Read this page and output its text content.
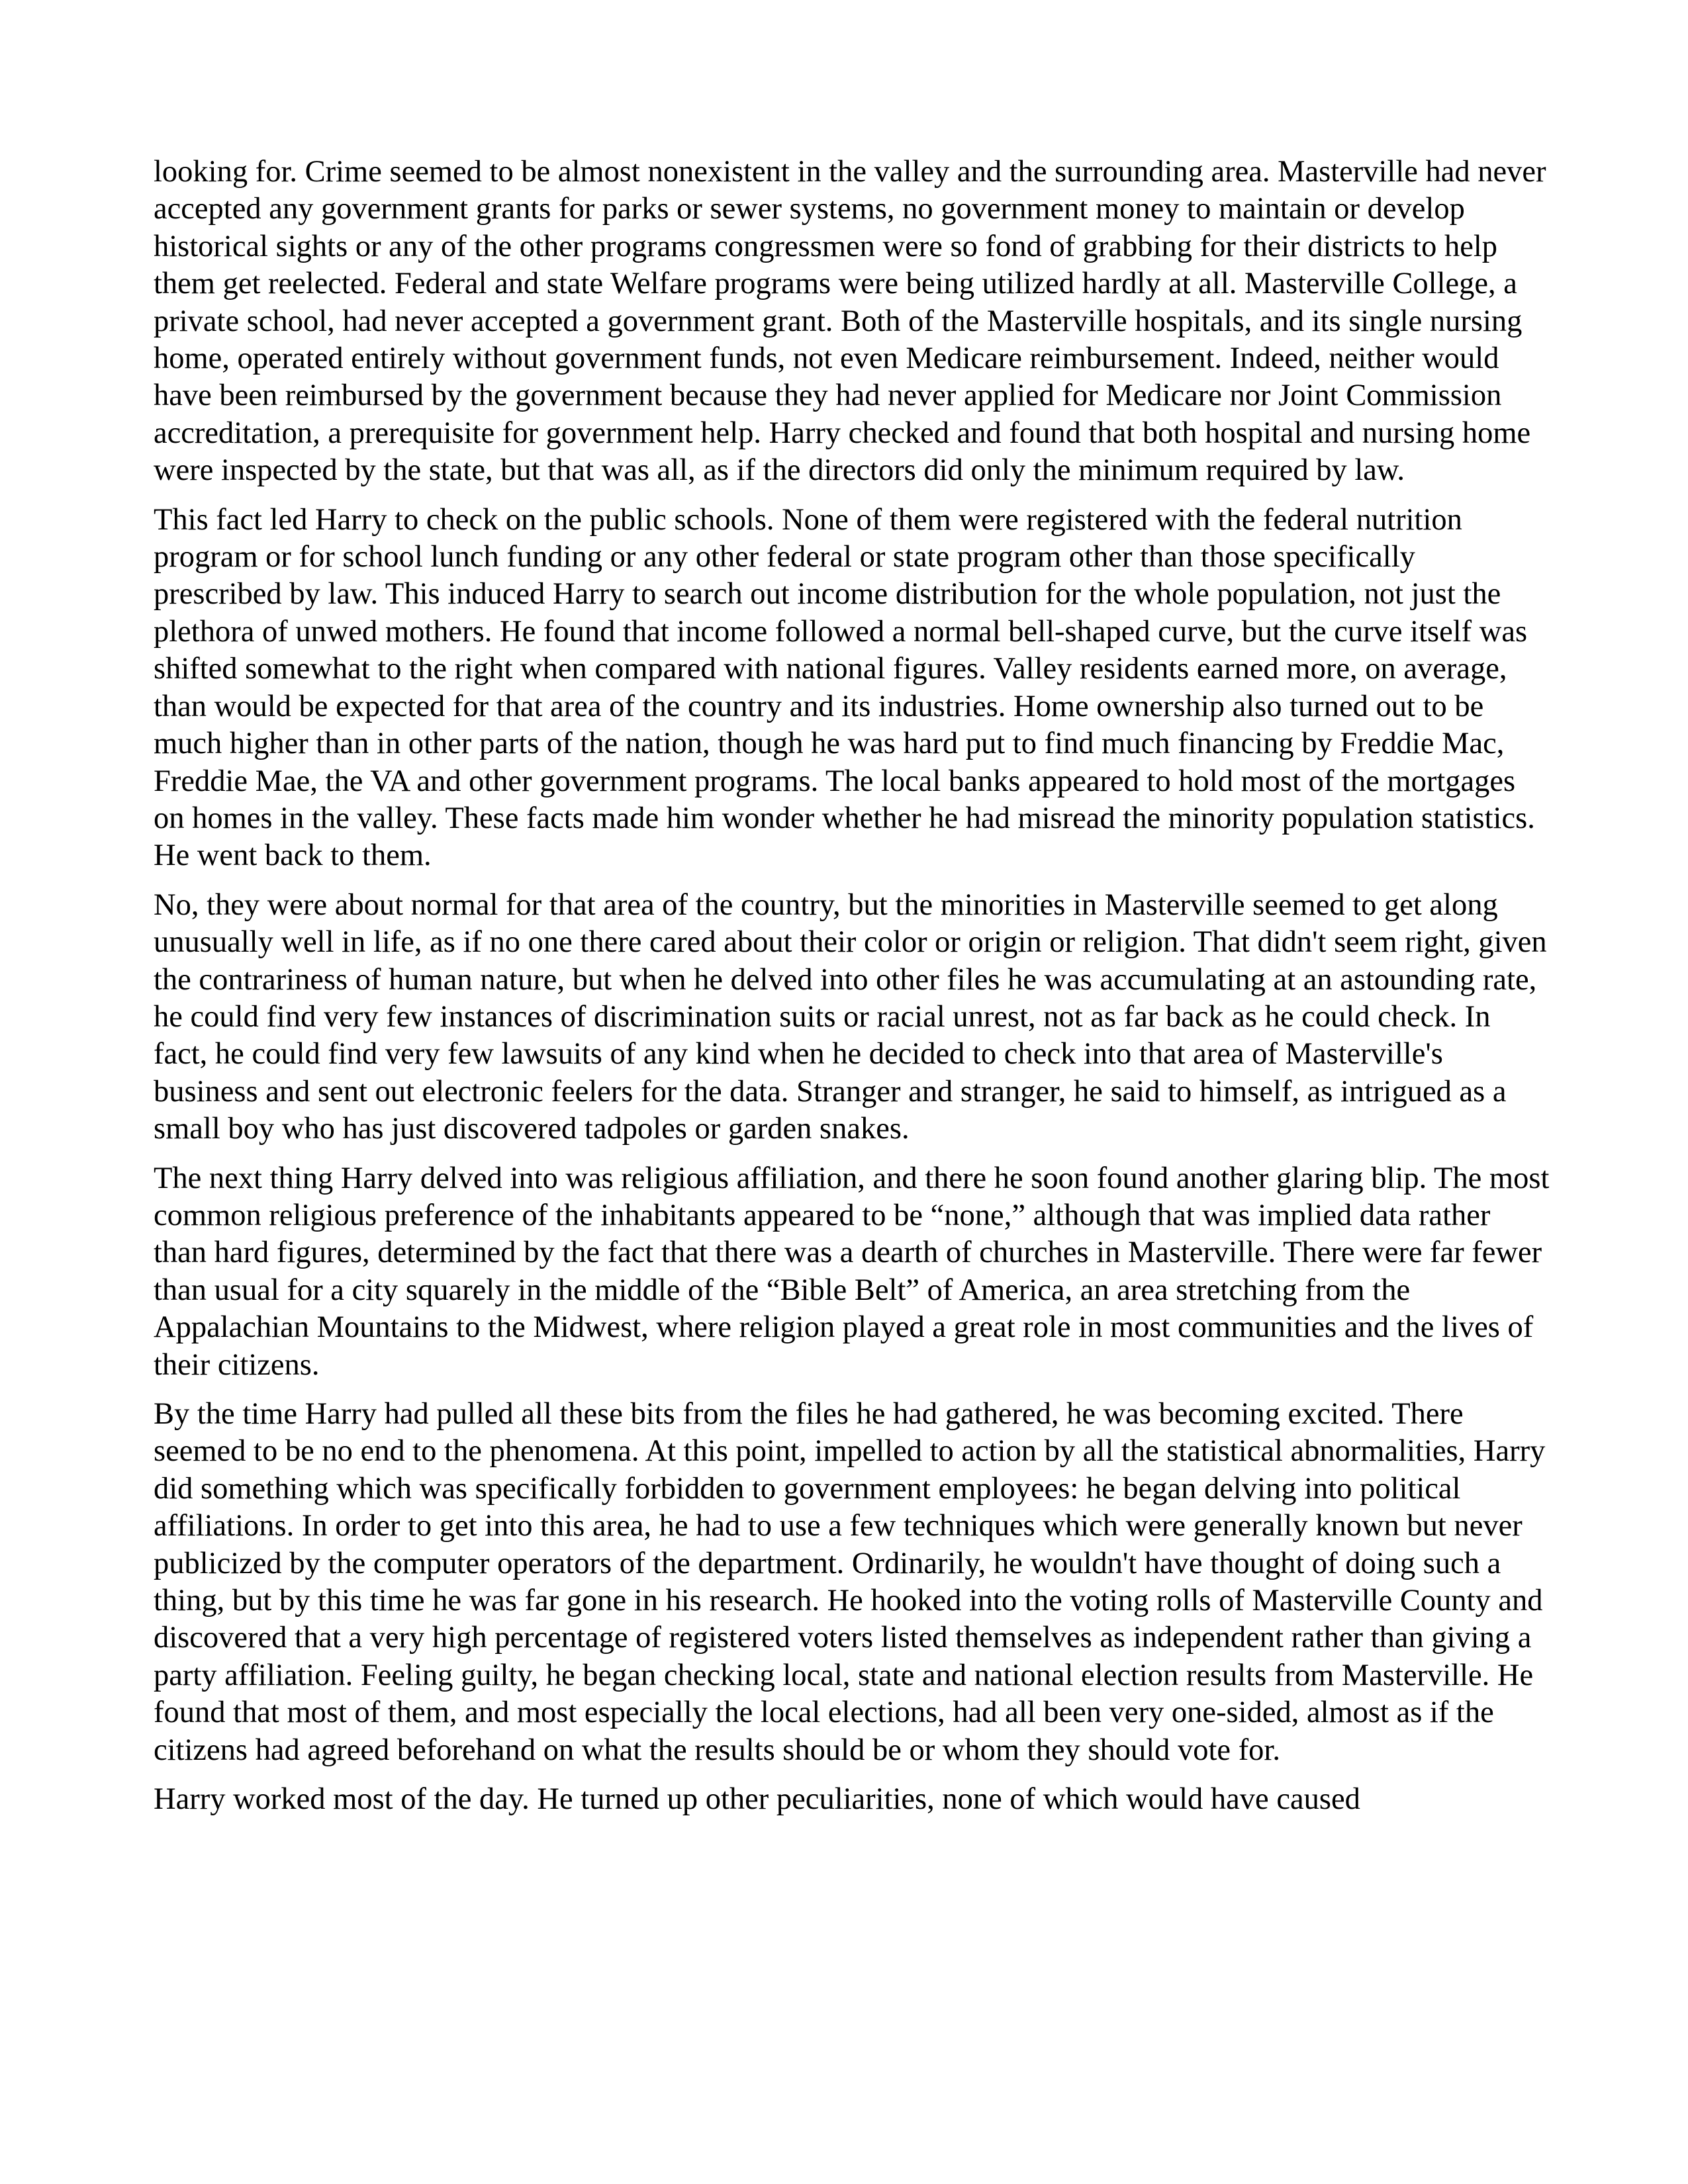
looking for. Crime seemed to be almost nonexistent in the valley and the surrounding area. Masterville had never accepted any government grants for parks or sewer systems, no government money to maintain or develop historical sights or any of the other programs congressmen were so fond of grabbing for their districts to help them get reelected. Federal and state Welfare programs were being utilized hardly at all. Masterville College, a private school, had never accepted a government grant. Both of the Masterville hospitals, and its single nursing home, operated entirely without government funds, not even Medicare reimbursement. Indeed, neither would have been reimbursed by the government because they had never applied for Medicare nor Joint Commission accreditation, a prerequisite for government help. Harry checked and found that both hospital and nursing home were inspected by the state, but that was all, as if the directors did only the minimum required by law.

This fact led Harry to check on the public schools. None of them were registered with the federal nutrition program or for school lunch funding or any other federal or state program other than those specifically prescribed by law. This induced Harry to search out income distribution for the whole population, not just the plethora of unwed mothers. He found that income followed a normal bell-shaped curve, but the curve itself was shifted somewhat to the right when compared with national figures. Valley residents earned more, on average, than would be expected for that area of the country and its industries. Home ownership also turned out to be much higher than in other parts of the nation, though he was hard put to find much financing by Freddie Mac, Freddie Mae, the VA and other government programs. The local banks appeared to hold most of the mortgages on homes in the valley. These facts made him wonder whether he had misread the minority population statistics. He went back to them.

No, they were about normal for that area of the country, but the minorities in Masterville seemed to get along unusually well in life, as if no one there cared about their color or origin or religion. That didn't seem right, given the contrariness of human nature, but when he delved into other files he was accumulating at an astounding rate, he could find very few instances of discrimination suits or racial unrest, not as far back as he could check. In fact, he could find very few lawsuits of any kind when he decided to check into that area of Masterville's business and sent out electronic feelers for the data. Stranger and stranger, he said to himself, as intrigued as a small boy who has just discovered tadpoles or garden snakes.

The next thing Harry delved into was religious affiliation, and there he soon found another glaring blip. The most common religious preference of the inhabitants appeared to be “none,” although that was implied data rather than hard figures, determined by the fact that there was a dearth of churches in Masterville. There were far fewer than usual for a city squarely in the middle of the “Bible Belt” of America, an area stretching from the Appalachian Mountains to the Midwest, where religion played a great role in most communities and the lives of their citizens.

By the time Harry had pulled all these bits from the files he had gathered, he was becoming excited. There seemed to be no end to the phenomena. At this point, impelled to action by all the statistical abnormalities, Harry did something which was specifically forbidden to government employees: he began delving into political affiliations. In order to get into this area, he had to use a few techniques which were generally known but never publicized by the computer operators of the department. Ordinarily, he wouldn't have thought of doing such a thing, but by this time he was far gone in his research. He hooked into the voting rolls of Masterville County and discovered that a very high percentage of registered voters listed themselves as independent rather than giving a party affiliation. Feeling guilty, he began checking local, state and national election results from Masterville. He found that most of them, and most especially the local elections, had all been very one-sided, almost as if the citizens had agreed beforehand on what the results should be or whom they should vote for.

Harry worked most of the day. He turned up other peculiarities, none of which would have caused
